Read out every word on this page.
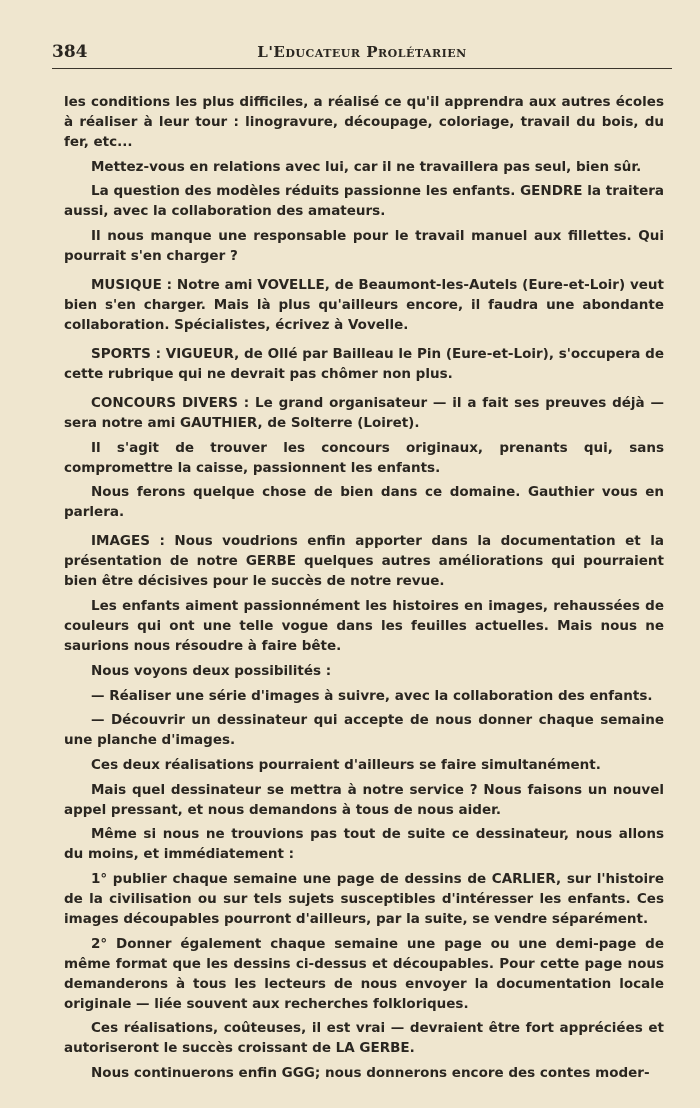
384	L'Educateur Prolétarien

les conditions les plus difficiles, a réalisé ce qu'il apprendra aux autres écoles à réaliser à leur tour : linogravure, découpage, coloriage, travail du bois, du fer, etc...

Mettez-vous en relations avec lui, car il ne travaillera pas seul, bien sûr.

La question des modèles réduits passionne les enfants. GENDRE la traitera aussi, avec la collaboration des amateurs.

Il nous manque une responsable pour le travail manuel aux fillettes. Qui pourrait s'en charger ?

MUSIQUE : Notre ami VOVELLE, de Beaumont-les-Autels (Eure-et-Loir) veut bien s'en charger. Mais là plus qu'ailleurs encore, il faudra une abondante collaboration. Spécialistes, écrivez à Vovelle.

SPORTS : VIGUEUR, de Ollé par Bailleau le Pin (Eure-et-Loir), s'occupera de cette rubrique qui ne devrait pas chômer non plus.

CONCOURS DIVERS : Le grand organisateur — il a fait ses preuves déjà — sera notre ami GAUTHIER, de Solterre (Loiret).

Il s'agit de trouver les concours originaux, prenants qui, sans compromettre la caisse, passionnent les enfants.

Nous ferons quelque chose de bien dans ce domaine. Gauthier vous en parlera.

IMAGES : Nous voudrions enfin apporter dans la documentation et la présentation de notre GERBE quelques autres améliorations qui pourraient bien être décisives pour le succès de notre revue.

Les enfants aiment passionnément les histoires en images, rehaussées de couleurs qui ont une telle vogue dans les feuilles actuelles. Mais nous ne saurions nous résoudre à faire bête.

Nous voyons deux possibilités :

— Réaliser une série d'images à suivre, avec la collaboration des enfants.

— Découvrir un dessinateur qui accepte de nous donner chaque semaine une planche d'images.

Ces deux réalisations pourraient d'ailleurs se faire simultanément.

Mais quel dessinateur se mettra à notre service ? Nous faisons un nouvel appel pressant, et nous demandons à tous de nous aider.

Même si nous ne trouvions pas tout de suite ce dessinateur, nous allons du moins, et immédiatement :

1° publier chaque semaine une page de dessins de CARLIER, sur l'histoire de la civilisation ou sur tels sujets susceptibles d'intéresser les enfants. Ces images découpables pourront d'ailleurs, par la suite, se vendre séparément.

2° Donner également chaque semaine une page ou une demi-page de même format que les dessins ci-dessus et découpables. Pour cette page nous demanderons à tous les lecteurs de nous envoyer la documentation locale originale — liée souvent aux recherches folkloriques.

Ces réalisations, coûteuses, il est vrai — devraient être fort appréciées et autoriseront le succès croissant de LA GERBE.

Nous continuerons enfin GGG; nous donnerons encore des contes moder-
